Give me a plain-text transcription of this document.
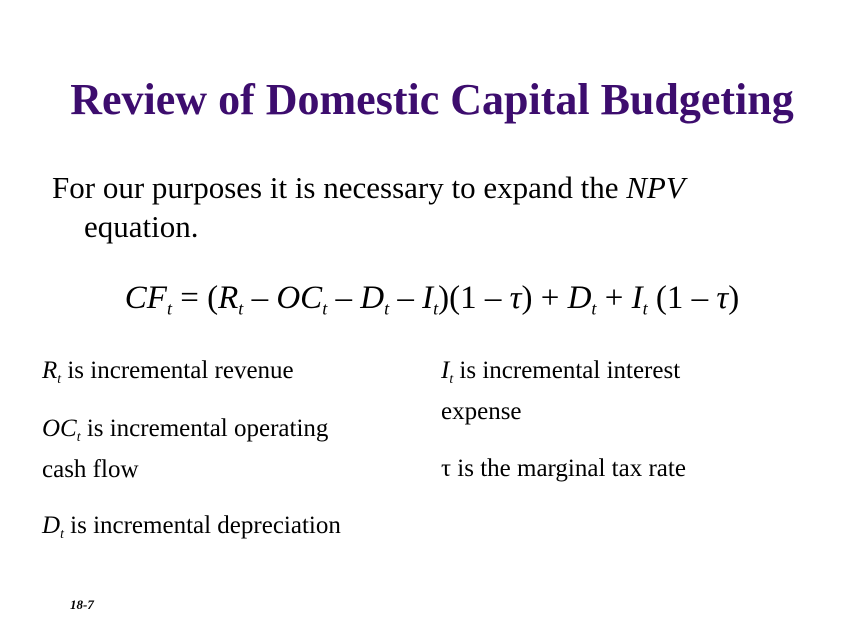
Review of Domestic Capital Budgeting
For our purposes it is necessary to expand the NPV
equation.
$CF_t = (R_t - OC_t - D_t - I_t)(1 - \tau) + D_t + I_t$ (1 – τ)
$R_t$ is incremental revenue
$OC_t$ is incremental operating
cash flow
$D_t$ is incremental depreciation
$I_t$ is incremental interest
expense
τ is the marginal tax rate
18-7
